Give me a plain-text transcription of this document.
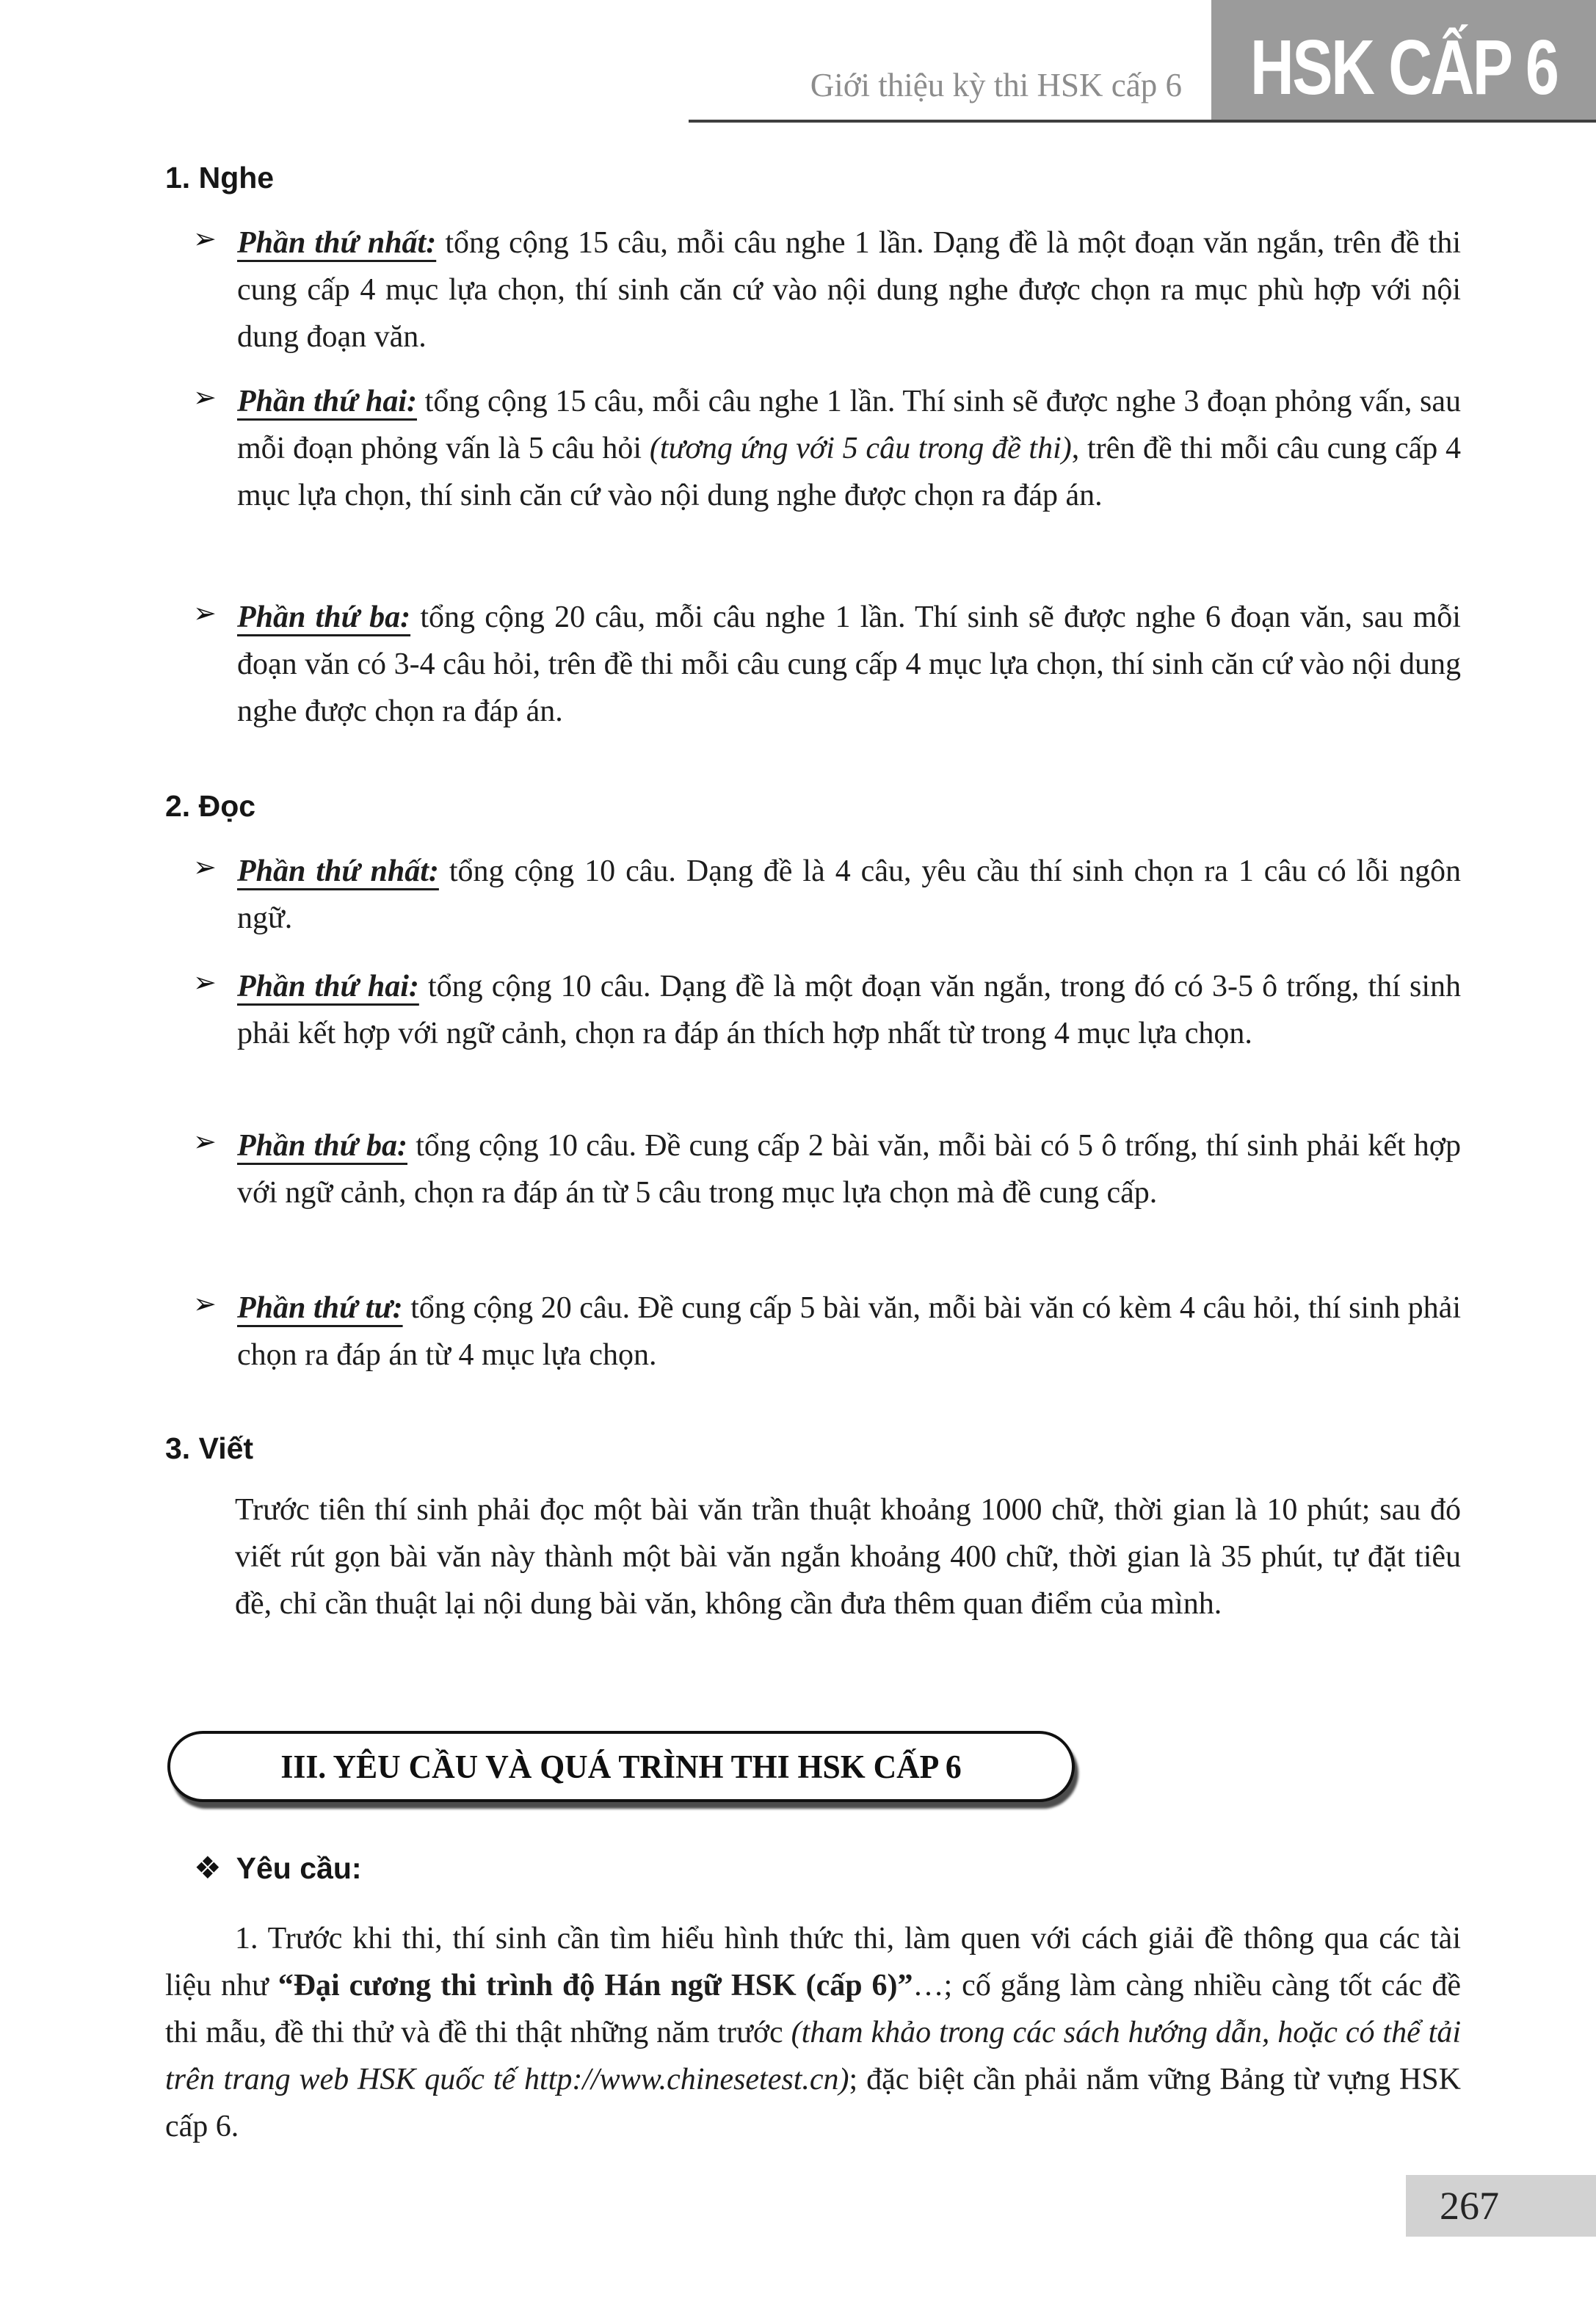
Giới thiệu kỳ thi HSK cấp 6 HSK CẤP 6
1. Nghe
➢ Phần thứ nhất: tổng cộng 15 câu, mỗi câu nghe 1 lần. Dạng đề là một đoạn văn ngắn, trên đề thi cung cấp 4 mục lựa chọn, thí sinh căn cứ vào nội dung nghe được chọn ra mục phù hợp với nội dung đoạn văn.
➢ Phần thứ hai: tổng cộng 15 câu, mỗi câu nghe 1 lần. Thí sinh sẽ được nghe 3 đoạn phỏng vấn, sau mỗi đoạn phỏng vấn là 5 câu hỏi (tương ứng với 5 câu trong đề thi), trên đề thi mỗi câu cung cấp 4 mục lựa chọn, thí sinh căn cứ vào nội dung nghe được chọn ra đáp án.
➢ Phần thứ ba: tổng cộng 20 câu, mỗi câu nghe 1 lần. Thí sinh sẽ được nghe 6 đoạn văn, sau mỗi đoạn văn có 3-4 câu hỏi, trên đề thi mỗi câu cung cấp 4 mục lựa chọn, thí sinh căn cứ vào nội dung nghe được chọn ra đáp án.
2. Đọc
➢ Phần thứ nhất: tổng cộng 10 câu. Dạng đề là 4 câu, yêu cầu thí sinh chọn ra 1 câu có lỗi ngôn ngữ.
➢ Phần thứ hai: tổng cộng 10 câu. Dạng đề là một đoạn văn ngắn, trong đó có 3-5 ô trống, thí sinh phải kết hợp với ngữ cảnh, chọn ra đáp án thích hợp nhất từ trong 4 mục lựa chọn.
➢ Phần thứ ba: tổng cộng 10 câu. Đề cung cấp 2 bài văn, mỗi bài có 5 ô trống, thí sinh phải kết hợp với ngữ cảnh, chọn ra đáp án từ 5 câu trong mục lựa chọn mà đề cung cấp.
➢ Phần thứ tư: tổng cộng 20 câu. Đề cung cấp 5 bài văn, mỗi bài văn có kèm 4 câu hỏi, thí sinh phải chọn ra đáp án từ 4 mục lựa chọn.
3. Viết
Trước tiên thí sinh phải đọc một bài văn trần thuật khoảng 1000 chữ, thời gian là 10 phút; sau đó viết rút gọn bài văn này thành một bài văn ngắn khoảng 400 chữ, thời gian là 35 phút, tự đặt tiêu đề, chỉ cần thuật lại nội dung bài văn, không cần đưa thêm quan điểm của mình.
III. YÊU CẦU VÀ QUÁ TRÌNH THI HSK CẤP 6
❖ Yêu cầu:
1. Trước khi thi, thí sinh cần tìm hiểu hình thức thi, làm quen với cách giải đề thông qua các tài liệu như “Đại cương thi trình độ Hán ngữ HSK (cấp 6)”…; cố gắng làm càng nhiều càng tốt các đề thi mẫu, đề thi thử và đề thi thật những năm trước (tham khảo trong các sách hướng dẫn, hoặc có thể tải trên trang web HSK quốc tế http://www.chinesetest.cn); đặc biệt cần phải nắm vững Bảng từ vựng HSK cấp 6.
267
